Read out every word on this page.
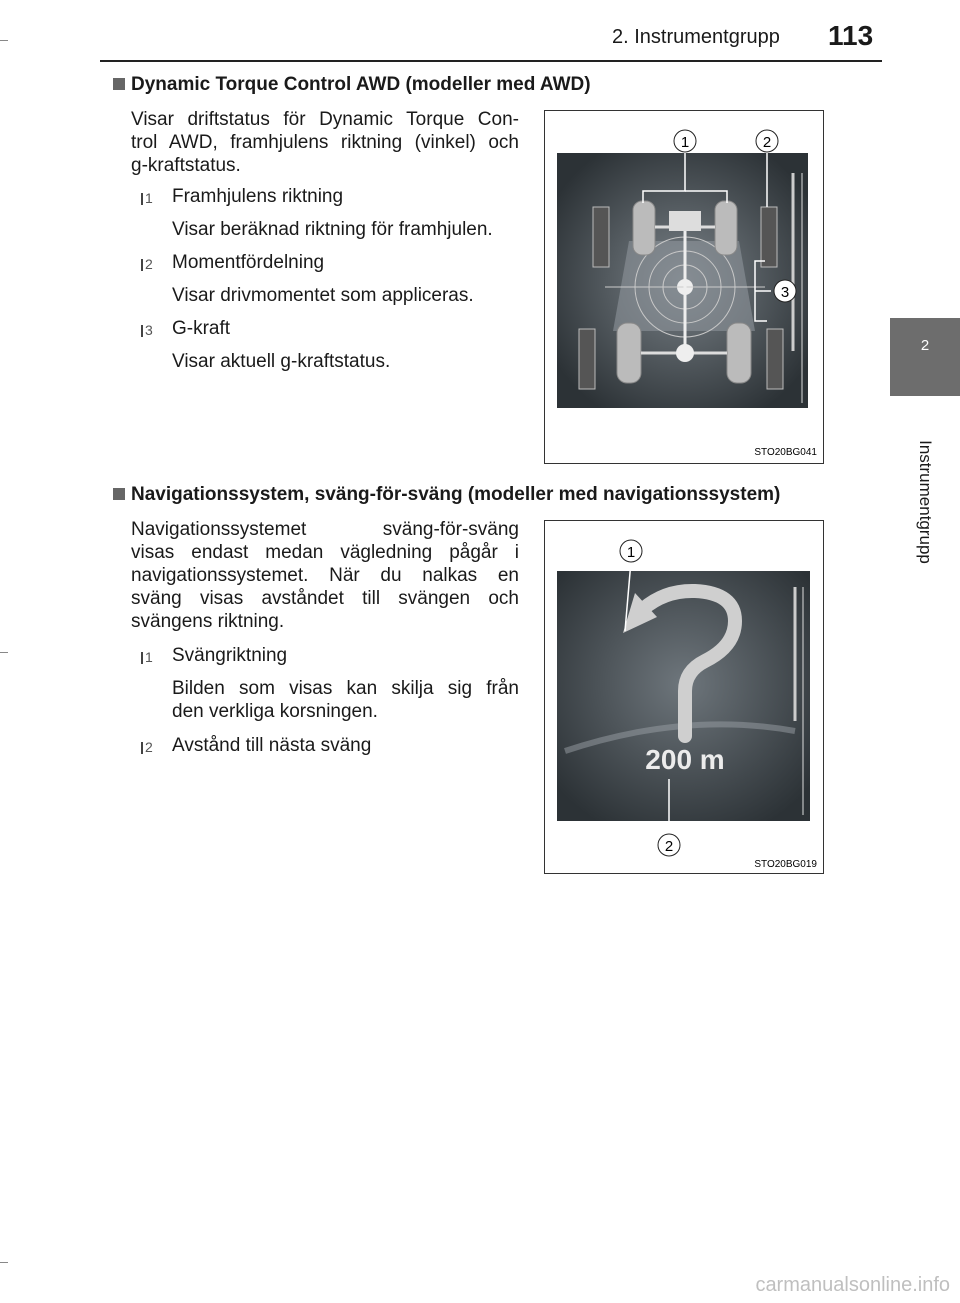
2. Instrumentgrupp 113
2
Instrumentgrupp
Dynamic Torque Control AWD (modeller med AWD)
Visar driftstatus för Dynamic Torque Con-
trol AWD, framhjulens riktning (vinkel) och
g-kraftstatus.
1 Framhjulens riktning
Visar beräknad riktning för framhjulen.
2 Momentfördelning
Visar drivmomentet som appliceras.
3 G-kraft
Visar aktuell g-kraftstatus.
1	2
3
STO20BG041
Navigationssystem, sväng-för-sväng (modeller med navigationssystem)
Navigationssystemet sväng-för-sväng
visas endast medan vägledning pågår i
navigationssystemet. När du nalkas en
sväng visas avståndet till svängen och
svängens riktning.
1 Svängriktning
Bilden som visas kan skilja sig från
den verkliga korsningen.
2 Avstånd till nästa sväng	200 m
1
2
STO20BG019
carmanualsonline.info
